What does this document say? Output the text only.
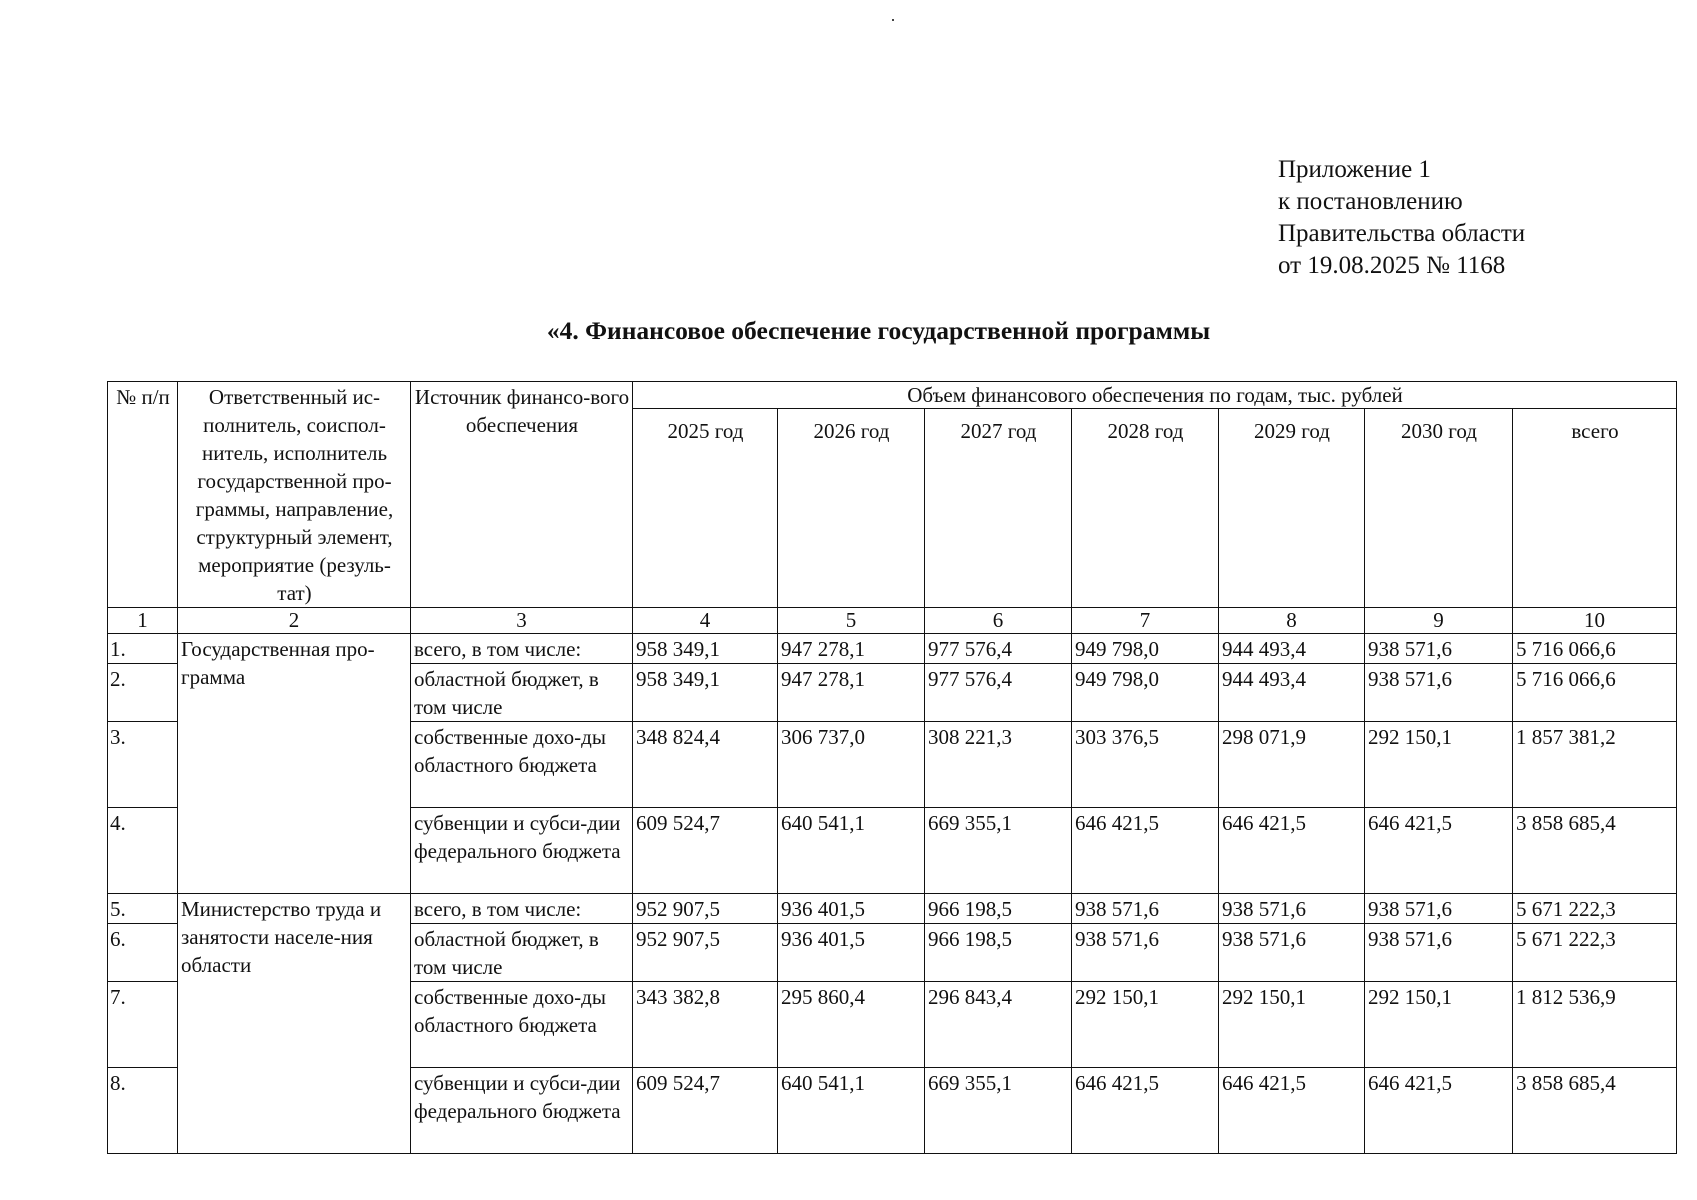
Приложение 1
к постановлению
Правительства области
от 19.08.2025 № 1168
«4. Финансовое обеспечение государственной программы
№ п/п	Ответственный ис-полнитель, соиспол-нитель, исполнитель государственной про-граммы, направление, структурный элемент, мероприятие (резуль-тат)	Источник финансо-вого обеспечения	Объем финансового обеспечения по годам, тыс. рублей						
			2025 год	2026 год	2027 год	2028 год	2029 год	2030 год	всего
1	2	3	4	5	6	7	8	9	10
1.	Государственная про-грамма	всего, в том числе:	958 349,1	947 278,1	977 576,4	949 798,0	944 493,4	938 571,6	5 716 066,6
2.		областной бюджет, в том числе	958 349,1	947 278,1	977 576,4	949 798,0	944 493,4	938 571,6	5 716 066,6
3.		собственные дохо-ды областного бюджета	348 824,4	306 737,0	308 221,3	303 376,5	298 071,9	292 150,1	1 857 381,2
4.		субвенции и субси-дии федерального бюджета	609 524,7	640 541,1	669 355,1	646 421,5	646 421,5	646 421,5	3 858 685,4
5.	Министерство труда и занятости населе-ния области	всего, в том числе:	952 907,5	936 401,5	966 198,5	938 571,6	938 571,6	938 571,6	5 671 222,3
6.		областной бюджет, в том числе	952 907,5	936 401,5	966 198,5	938 571,6	938 571,6	938 571,6	5 671 222,3
7.		собственные дохо-ды областного бюджета	343 382,8	295 860,4	296 843,4	292 150,1	292 150,1	292 150,1	1 812 536,9
8.		субвенции и субси-дии федерального бюджета	609 524,7	640 541,1	669 355,1	646 421,5	646 421,5	646 421,5	3 858 685,4
